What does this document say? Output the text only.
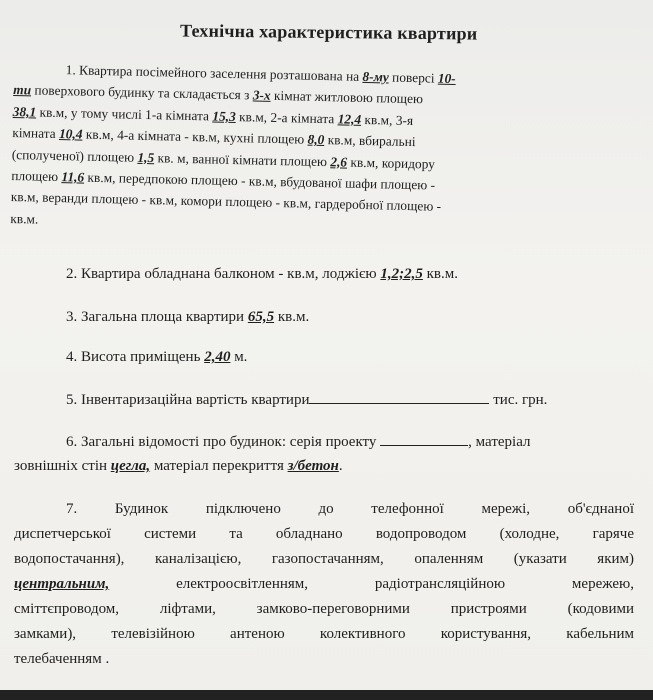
Технічна характеристика квартири
1. Квартира посімейного заселення розташована на 8-му поверсі 10-
ти поверхового будинку та складається з 3-х кімнат житловою площею
38,1 кв.м, у тому числі 1-а кімната 15,3 кв.м, 2-а кімната 12,4 кв.м, 3-я
кімната 10,4 кв.м, 4-а кімната - кв.м, кухні площею 8,0 кв.м, вбиральні
(сполученої) площею 1,5 кв. м, ванної кімнати площею 2,6 кв.м, коридору
площею 11,6 кв.м, передпокою площею - кв.м, вбудованої шафи площею -
кв.м, веранди площею - кв.м, комори площею - кв.м, гардеробної площею -
кв.м.
2. Квартира обладнана балконом - кв.м, лоджією 1,2;2,5 кв.м.
3. Загальна площа квартири 65,5 кв.м.
4. Висота приміщень 2,40 м.
5. Інвентаризаційна вартість квартири	тис. грн.
6. Загальні відомості про будинок: серія проекту	, матеріал
зовнішніх стін цегла, матеріал перекриття з/бетон.
7. Будинок підключено до телефонної мережі, об'єднаної
диспетчерської системи та обладнано водопроводом (холодне, гаряче
водопостачання), каналізацією, газопостачанням, опаленням (указати яким)
центральним,	електроосвітленням, радіотрансляційною мережею,
сміттєпроводом, ліфтами, замково-переговорними пристроями (кодовими
замками), телевізійною антеною колективного користування, кабельним
телебаченням .
